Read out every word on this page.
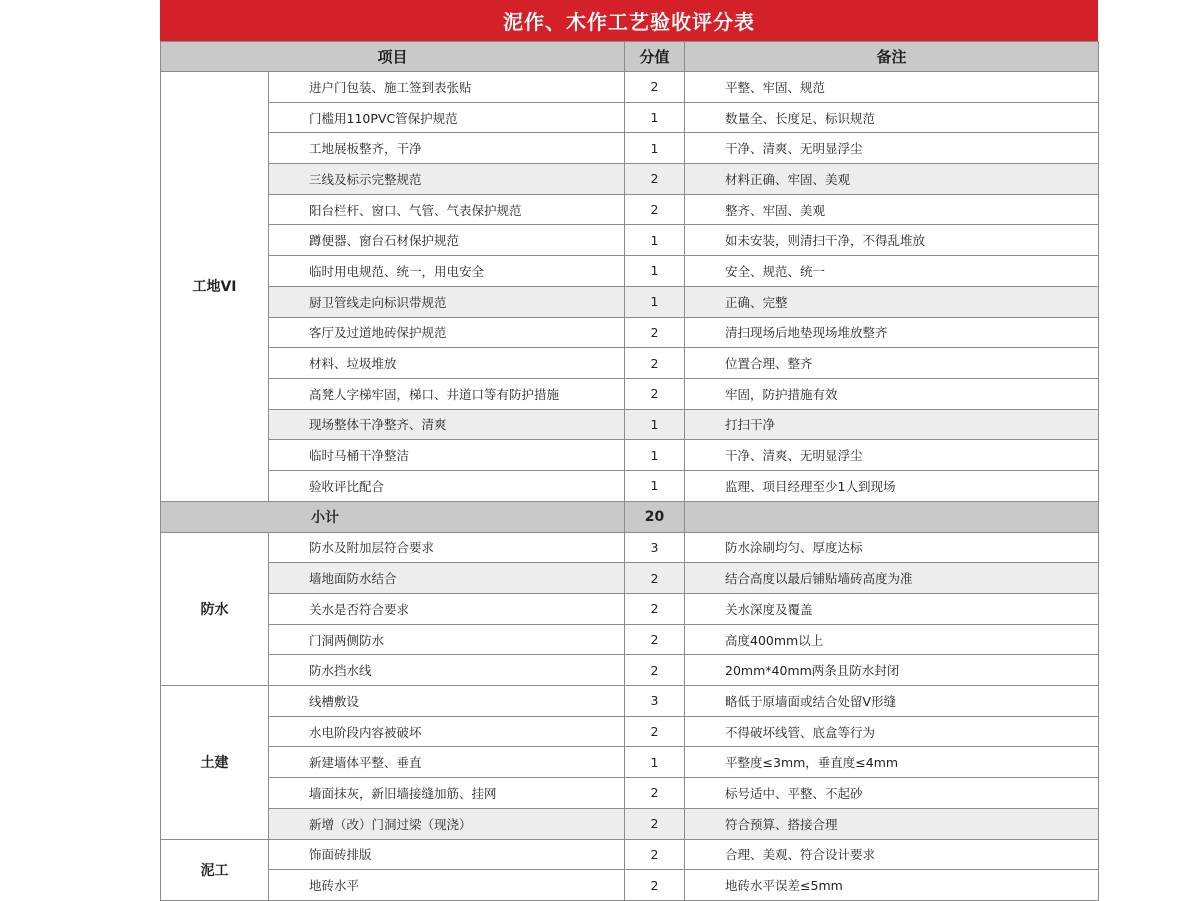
泥作、木作工艺验收评分表
项目		分值	备注
工地VI	进户门包装、施工签到表张贴	2	平整、牢固、规范
	门槛用110PVC管保护规范	1	数量全、长度足、标识规范
	工地展板整齐，干净	1	干净、清爽、无明显浮尘
	三线及标示完整规范	2	材料正确、牢固、美观
	阳台栏杆、窗口、气管、气表保护规范	2	整齐、牢固、美观
	蹲便器、窗台石材保护规范	1	如未安装，则清扫干净，不得乱堆放
	临时用电规范、统一，用电安全	1	安全、规范、统一
	厨卫管线走向标识带规范	1	正确、完整
	客厅及过道地砖保护规范	2	清扫现场后地垫现场堆放整齐
	材料、垃圾堆放	2	位置合理、整齐
	高凳人字梯牢固，梯口、井道口等有防护措施	2	牢固，防护措施有效
	现场整体干净整齐、清爽	1	打扫干净
	临时马桶干净整洁	1	干净、清爽、无明显浮尘
	验收评比配合	1	监理、项目经理至少1人到现场
小计		20	
防水	防水及附加层符合要求	3	防水涂刷均匀、厚度达标
	墙地面防水结合	2	结合高度以最后铺贴墙砖高度为准
	关水是否符合要求	2	关水深度及覆盖
	门洞两侧防水	2	高度400mm以上
	防水挡水线	2	20mm*40mm两条且防水封闭
土建	线槽敷设	3	略低于原墙面或结合处留V形缝
	水电阶段内容被破坏	2	不得破坏线管、底盒等行为
	新建墙体平整、垂直	1	平整度≤3mm，垂直度≤4mm
	墙面抹灰，新旧墙接缝加筋、挂网	2	标号适中、平整、不起砂
	新增（改）门洞过梁（现浇）	2	符合预算、搭接合理
泥工	饰面砖排版	2	合理、美观、符合设计要求
	地砖水平	2	地砖水平误差≤5mm
